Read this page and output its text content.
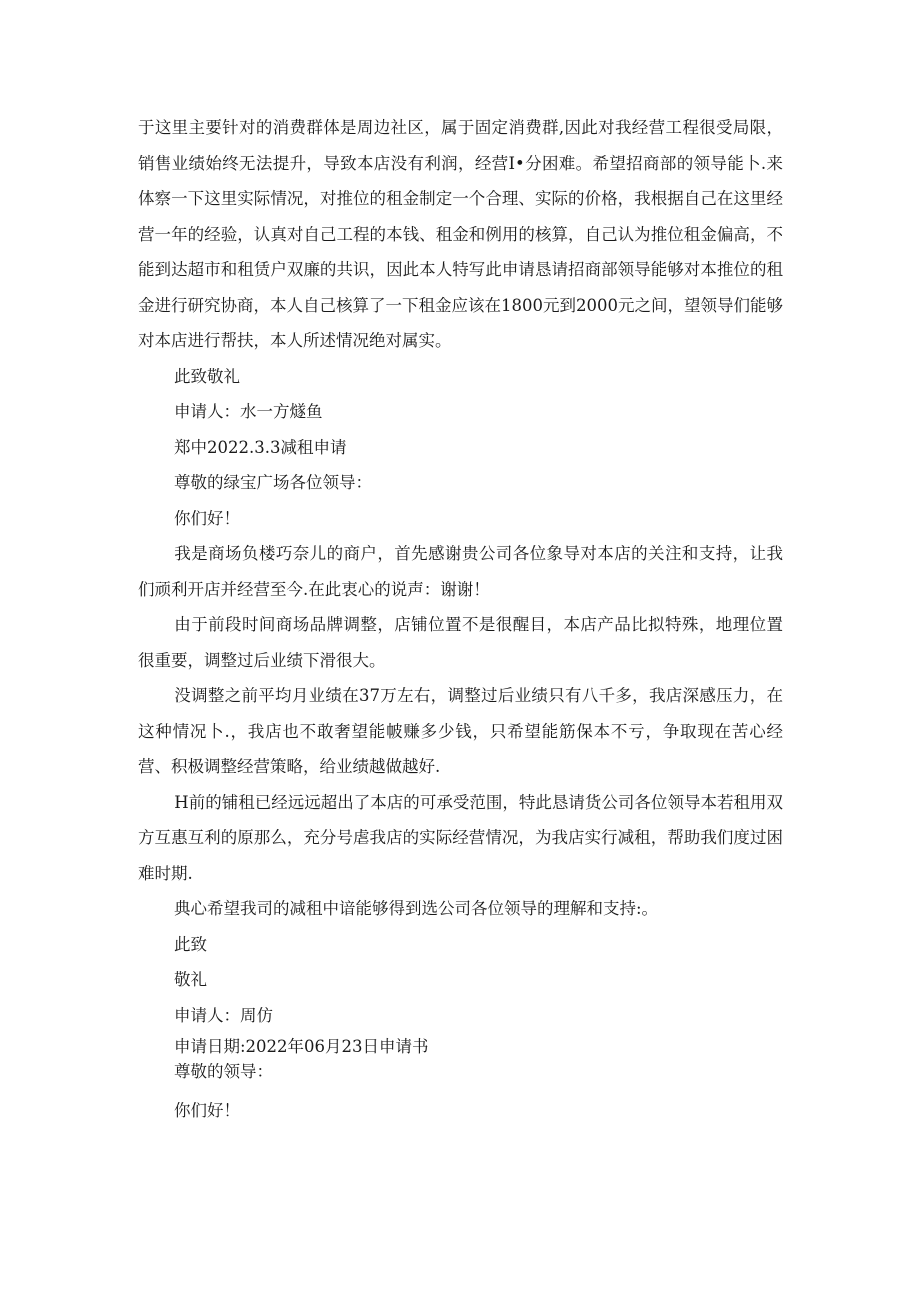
于这里主要针对的消费群体是周边社区，属于固定消费群,因此对我经营工程很受局限，销售业绩始终无法提升，导致本店没有利润，经营I•分困难。希望招商部的领导能卜.来体察一下这里实际情况，对推位的租金制定一个合理、实际的价格，我根据自己在这里经营一年的经验，认真对自己工程的本钱、租金和例用的核算，自己认为推位租金偏高，不能到达超市和租赁户双廉的共识，因此本人特写此申请恳请招商部领导能够对本推位的租金进行研究协商，本人自己核算了一下租金应该在1800元到2000元之间，望领导们能够对本店进行帮扶，本人所述情况绝对属实。

此致敬礼

申请人：水一方燧鱼

郑中2022.3.3减租申请

尊敬的绿宝广场各位领导：

你们好！

我是商场负楼巧奈儿的商户，首先感谢贵公司各位象导对本店的关注和支持，让我们顽利开店并经营至今.在此衷心的说声：谢谢！

由于前段时间商场品牌调整，店铺位置不是很醒目，本店产品比拟特殊，地理位置很重要，调整过后业绩下滑很大。

没调整之前平均月业绩在37万左右，调整过后业绩只有八千多，我店深感压力，在这种情况卜.，我店也不敢奢望能帔赚多少钱，只希望能筋保本不亏，争取现在苦心经营、积极调整经营策略，给业绩越做越好.

H前的铺租已经远远超出了本店的可承受范围，特此恳请货公司各位领导本若租用双方互惠互利的原那么，充分号虐我店的实际经营情况，为我店实行减租，帮助我们度过困难时期.

典心希望我司的减租中谙能够得到选公司各位领导的理解和支持:。

此致

敬礼

申请人：周仿

申请日期:2022年06月23日申请书

尊敬的领导：

你们好！
